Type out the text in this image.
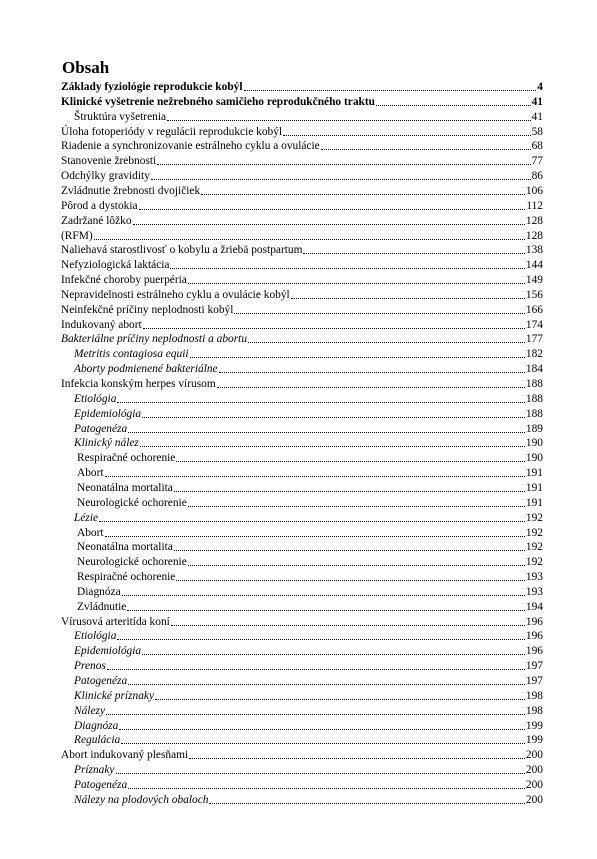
Obsah
Základy fyziológie reprodukcie kobýl	4
Klinické vyšetrenie nežrebného samičieho reprodukčného traktu	41
Štruktúra vyšetrenia	41
Úloha fotoperiódy v regulácii reprodukcie kobýl	58
Riadenie a synchronizovanie estrálneho cyklu a ovulácie	68
Stanovenie žrebnosti	77
Odchýlky gravidity	86
Zvládnutie žrebnosti dvojičiek	106
Pôrod a dystokia	112
Zadržané lôžko	128
(RFM)	128
Naliehavá starostlivosť o kobylu a žriebä postpartum	138
Nefyziologická laktácia	144
Infekčné choroby puerpéria	149
Nepravidelnosti estrálneho cyklu a ovulácie kobýl	156
Neinfekčné príčiny neplodnosti kobýl	166
Indukovaný abort	174
Bakteriálne príčiny neplodnosti a abortu	177
Metritis contagiosa equii	182
Aborty podmienené bakteriálne	184
Infekcia konským herpes vírusom	188
Etiológia	188
Epidemiológia	188
Patogenéza	189
Klinický nález	190
Respiračné ochorenie	190
Abort	191
Neonatálna mortalita	191
Neurologické ochorenie	191
Lézie	192
Abort	192
Neonatálna mortalita	192
Neurologické ochorenie	192
Respiračné ochorenie	193
Diagnóza	193
Zvládnutie	194
Vírusová arteritída koní	196
Etiológia	196
Epidemiológia	196
Prenos	197
Patogenéza	197
Klinické príznaky	198
Nálezy	198
Diagnóza	199
Regulácia	199
Abort indukovaný plesňami	200
Príznaky	200
Patogenéza	200
Nálezy na plodových obaloch	200
